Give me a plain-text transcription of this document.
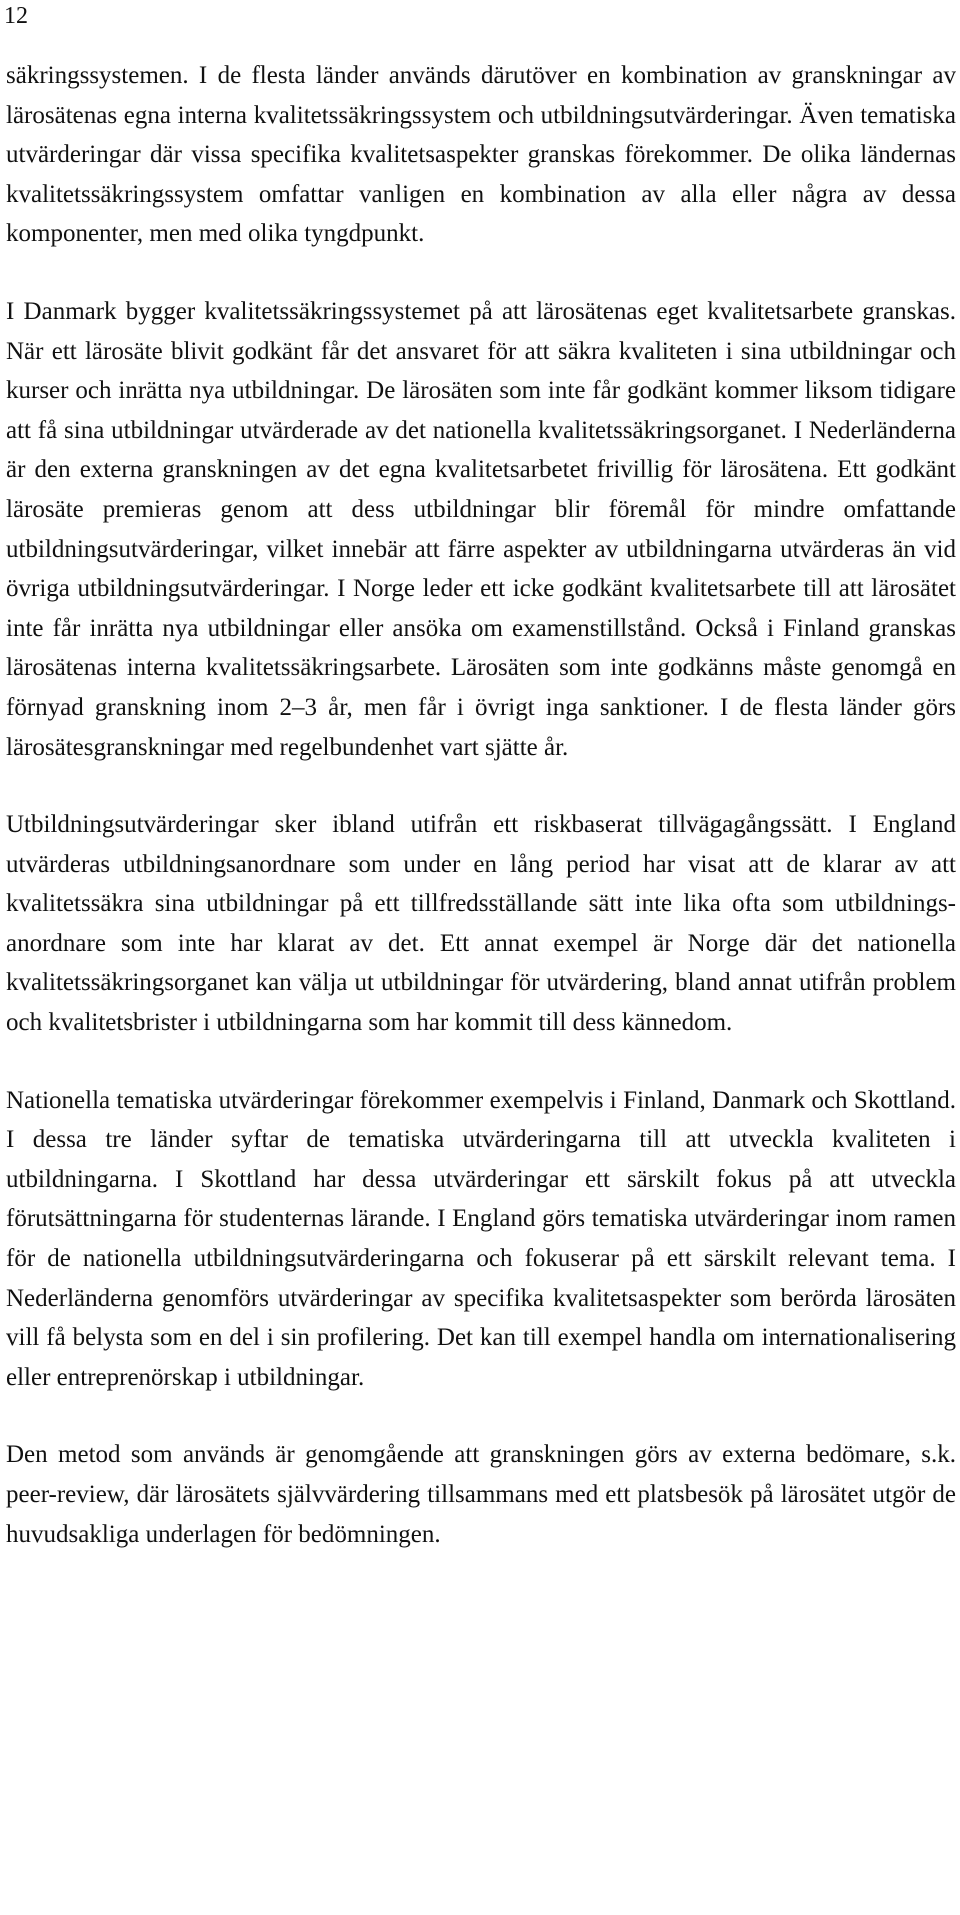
12

säkringssystemen. I de flesta länder används därutöver en kombination av granskningar av lärosätenas egna interna kvalitetssäkringssystem och utbildningsutvärderingar. Även tematiska utvärderingar där vissa specifika kvalitetsaspekter granskas förekommer. De olika ländernas kvalitetssäkringssystem omfattar vanligen en kombination av alla eller några av dessa komponenter, men med olika tyngdpunkt.

I Danmark bygger kvalitetssäkringssystemet på att lärosätenas eget kvalitetsarbete granskas. När ett lärosäte blivit godkänt får det ansvaret för att säkra kvaliteten i sina utbildningar och kurser och inrätta nya utbildningar. De lärosäten som inte får godkänt kommer liksom tidigare att få sina utbildningar utvärderade av det nationella kvalitetssäkringsorganet. I Nederländerna är den externa granskningen av det egna kvalitetsarbetet frivillig för lärosätena. Ett godkänt lärosäte premieras genom att dess utbildningar blir föremål för mindre omfattande utbildningsutvärderingar, vilket innebär att färre aspekter av utbildningarna utvärderas än vid övriga utbildningsutvärderingar. I Norge leder ett icke godkänt kvalitetsarbete till att lärosätet inte får inrätta nya utbildningar eller ansöka om examenstillstånd. Också i Finland granskas lärosätenas interna kvalitetssäkringsarbete. Lärosäten som inte godkänns måste genomgå en förnyad granskning inom 2–3 år, men får i övrigt inga sanktioner. I de flesta länder görs lärosätesgranskningar med regelbundenhet vart sjätte år.

Utbildningsutvärderingar sker ibland utifrån ett riskbaserat tillvägagångssätt. I England utvärderas utbildningsanordnare som under en lång period har visat att de klarar av att kvalitetssäkra sina utbildningar på ett tillfredsställande sätt inte lika ofta som utbildningsanordnare som inte har klarat av det. Ett annat exempel är Norge där det nationella kvalitetssäkringsorganet kan välja ut utbildningar för utvärdering, bland annat utifrån problem och kvalitetsbrister i utbildningarna som har kommit till dess kännedom.

Nationella tematiska utvärderingar förekommer exempelvis i Finland, Danmark och Skottland. I dessa tre länder syftar de tematiska utvärderingarna till att utveckla kvaliteten i utbildningarna. I Skottland har dessa utvärderingar ett särskilt fokus på att utveckla förutsättningarna för studenternas lärande. I England görs tematiska utvärderingar inom ramen för de nationella utbildningsutvärderingarna och fokuserar på ett särskilt relevant tema. I Nederländerna genomförs utvärderingar av specifika kvalitetsaspekter som berörda lärosäten vill få belysta som en del i sin profilering. Det kan till exempel handla om internationalisering eller entreprenörskap i utbildningar.

Den metod som används är genomgående att granskningen görs av externa bedömare, s.k. peer-review, där lärosätets självvärdering tillsammans med ett platsbesök på lärosätet utgör de huvudsakliga underlagen för bedömningen.
